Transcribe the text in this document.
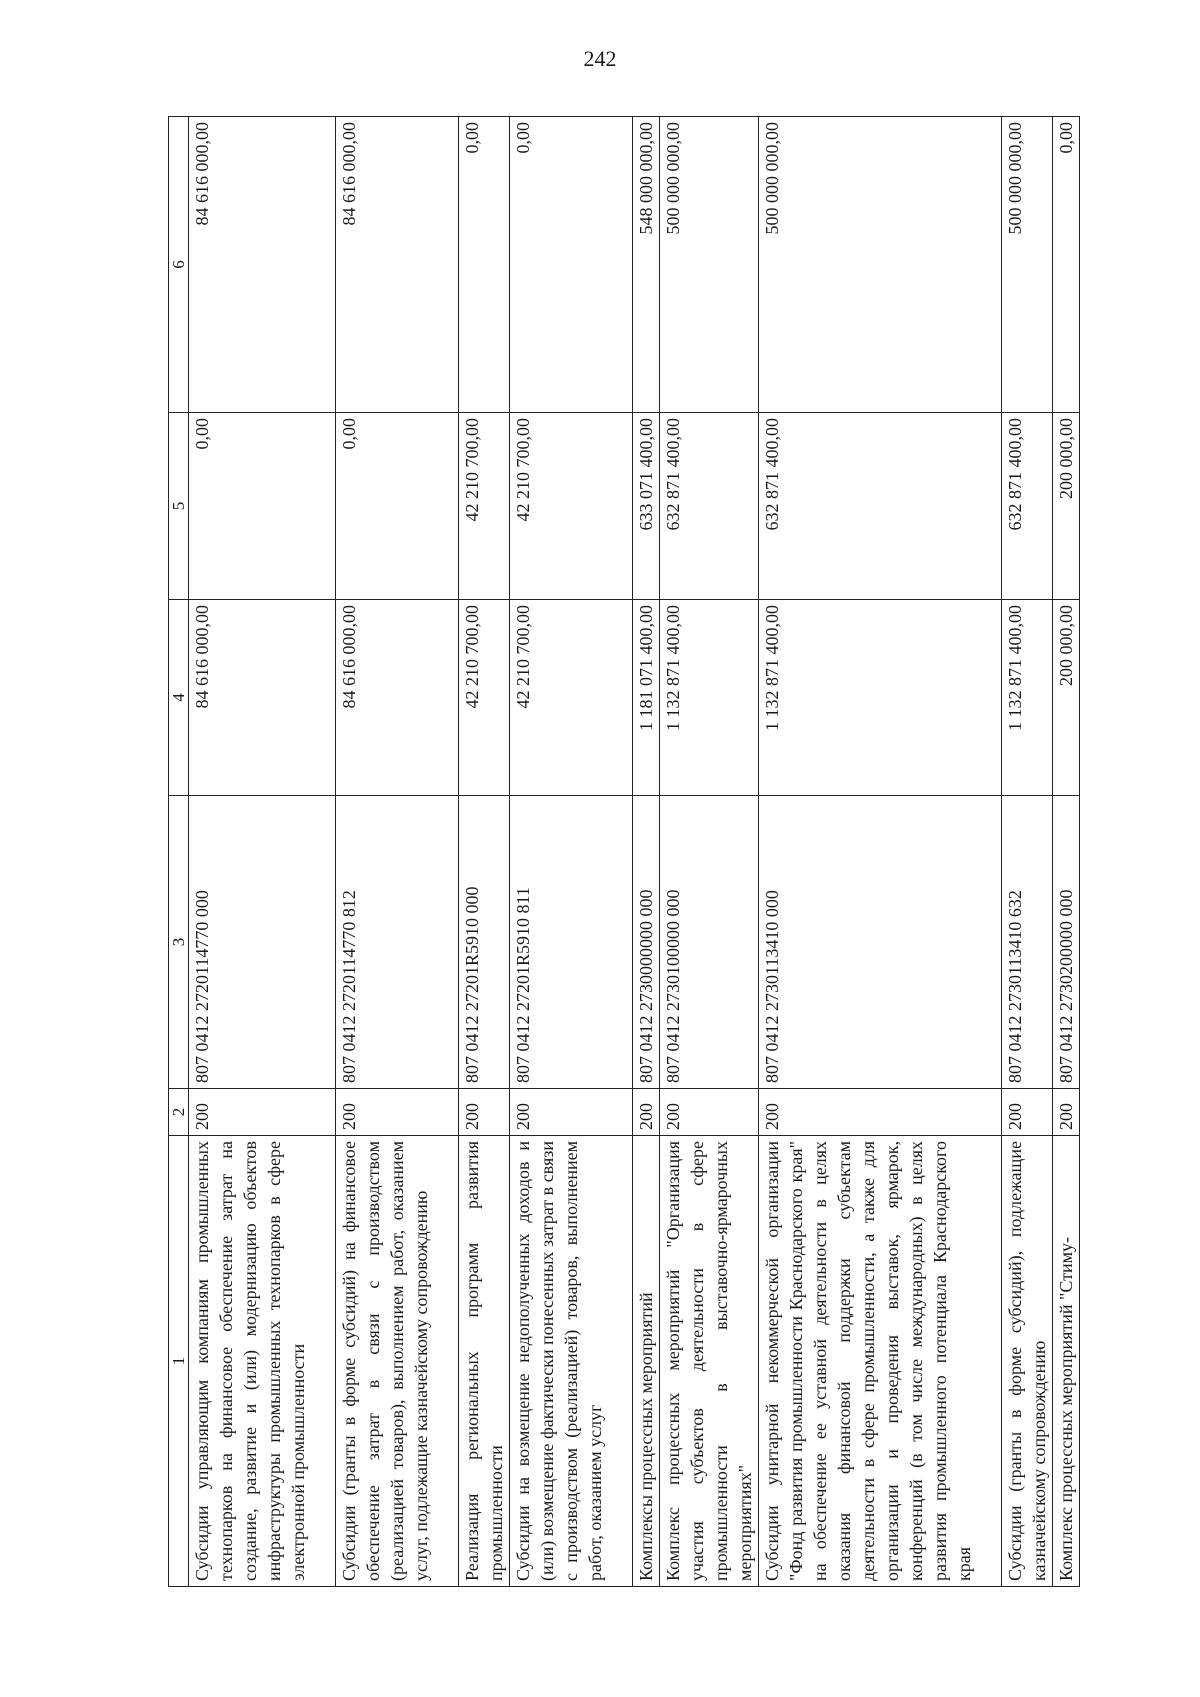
242
1	2	3	4	5	6
Субсидии управляющим компаниям промышленных технопарков на финансовое обеспечение затрат на создание, развитие и (или) модернизацию объектов инфраструктуры промышленных технопарков в сфере электронной промышленности	200	807 0412 2720114770 000	84 616 000,00	0,00	84 616 000,00
Субсидии (гранты в форме субсидий) на финансовое обеспечение затрат в связи с производством (реализацией товаров), выполнением работ, оказанием услуг, подлежащие казначейскому сопровождению	200	807 0412 2720114770 812	84 616 000,00	0,00	84 616 000,00
Реализация региональных программ развития промышленности	200	807 0412 27201R5910 000	42 210 700,00	42 210 700,00	0,00
Субсидии на возмещение недополученных доходов и (или) возмещение фактически понесенных затрат в связи с производством (реализацией) товаров, выполнением работ, оказанием услуг	200	807 0412 27201R5910 811	42 210 700,00	42 210 700,00	0,00
Комплексы процессных мероприятий	200	807 0412 2730000000 000	1 181 071 400,00	633 071 400,00	548 000 000,00
Комплекс процессных мероприятий "Организация участия субъектов деятельности в сфере промышленности в выставочно-ярмарочных мероприятиях"	200	807 0412 2730100000 000	1 132 871 400,00	632 871 400,00	500 000 000,00
Субсидии унитарной некоммерческой организации "Фонд развития промышленности Краснодарского края" на обеспечение ее уставной деятельности в целях оказания финансовой поддержки субъектам деятельности в сфере промышленности, а также для организации и проведения выставок, ярмарок, конференций (в том числе международных) в целях развития промышленного потенциала Краснодарского края	200	807 0412 2730113410 000	1 132 871 400,00	632 871 400,00	500 000 000,00
Субсидии (гранты в форме субсидий), подлежащие казначейскому сопровождению	200	807 0412 2730113410 632	1 132 871 400,00	632 871 400,00	500 000 000,00
Комплекс процессных мероприятий "Стиму-	200	807 0412 2730200000 000	200 000,00	200 000,00	0,00
